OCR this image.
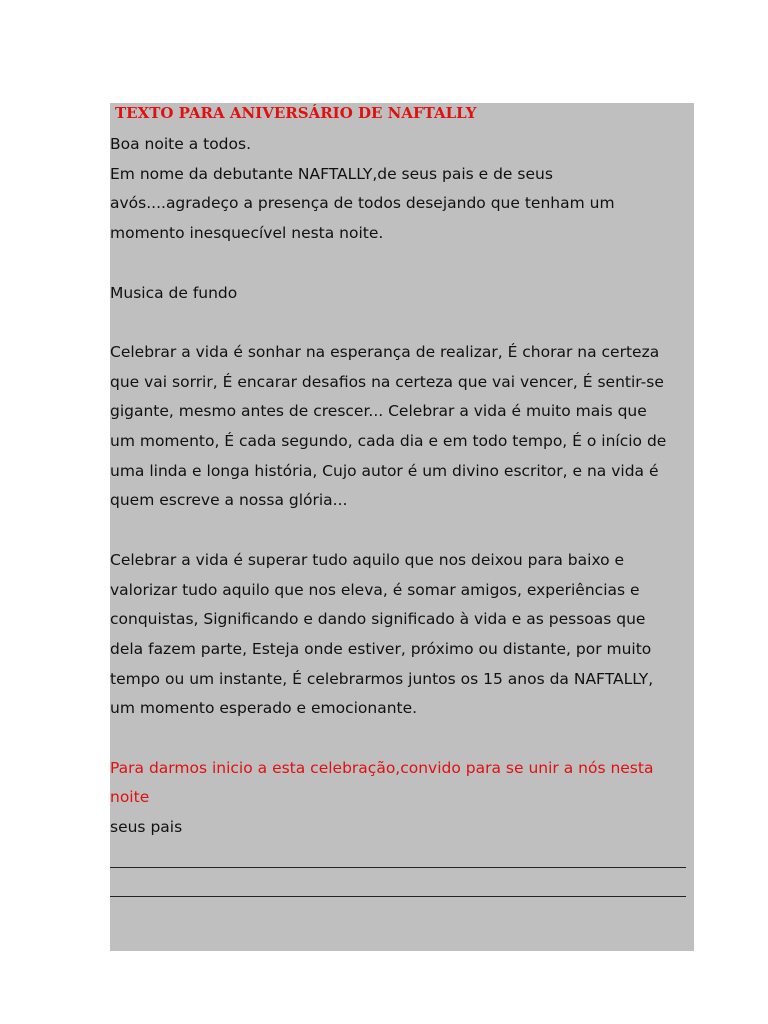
TEXTO PARA ANIVERSÁRIO DE NAFTALLY
Boa noite a todos.
Em nome da debutante NAFTALLY,de seus pais e de seus
avós....agradeço a presença de todos desejando que tenham um
momento inesquecível nesta noite.
Musica de fundo
Celebrar a vida é sonhar na esperança de realizar, É chorar na certeza
que vai sorrir, É encarar desafios na certeza que vai vencer, É sentir-se
gigante, mesmo antes de crescer... Celebrar a vida é muito mais que
um momento, É cada segundo, cada dia e em todo tempo, É o início de
uma linda e longa história, Cujo autor é um divino escritor, e na vida é
quem escreve a nossa glória...
Celebrar a vida é superar tudo aquilo que nos deixou para baixo e
valorizar tudo aquilo que nos eleva, é somar amigos, experiências e
conquistas, Significando e dando significado à vida e as pessoas que
dela fazem parte, Esteja onde estiver, próximo ou distante, por muito
tempo ou um instante, É celebrarmos juntos os 15 anos da NAFTALLY,
um momento esperado e emocionante.
Para darmos inicio a esta celebração,convido para se unir a nós nesta
noite
seus pais
